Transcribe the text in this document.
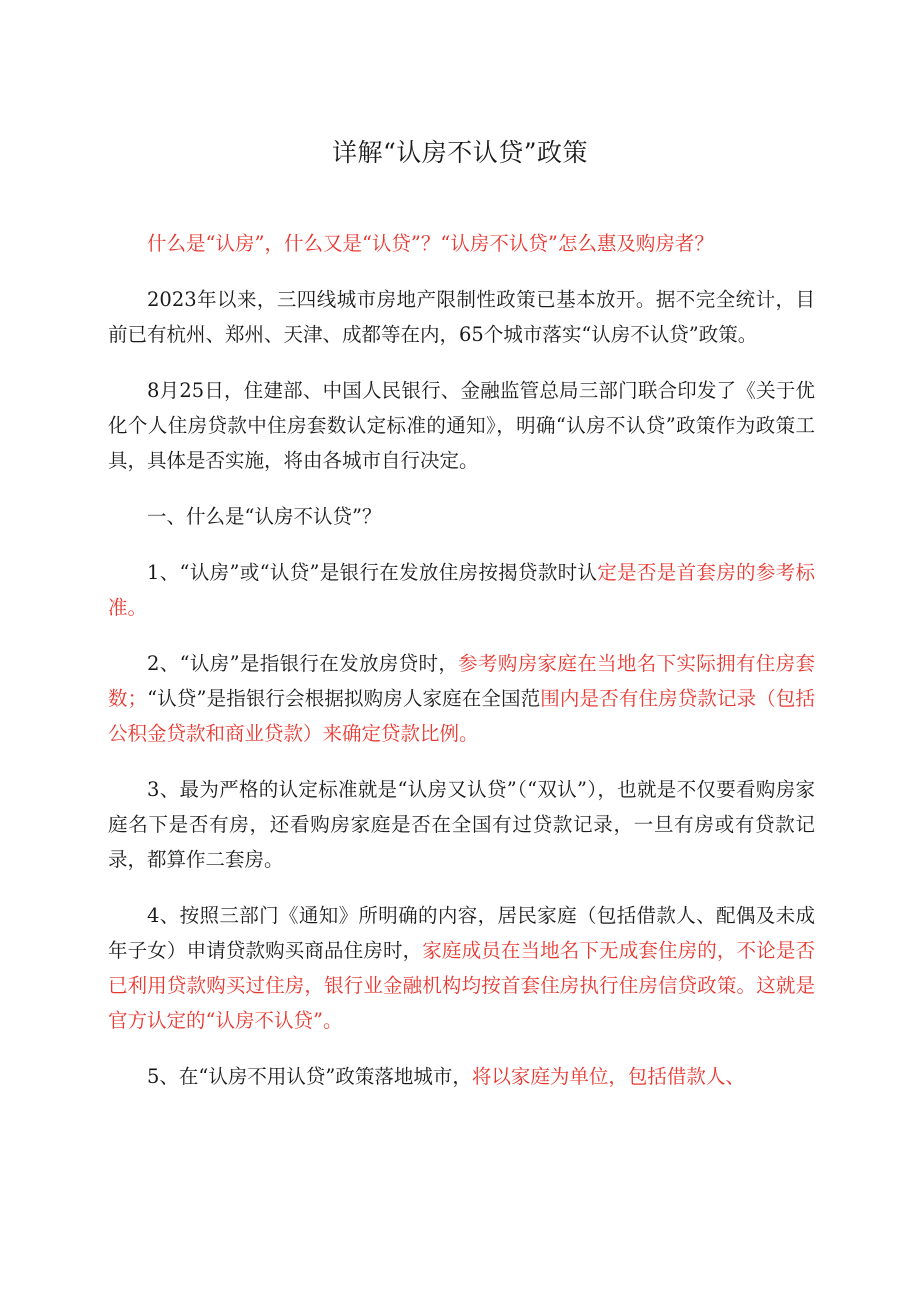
详解“认房不认贷”政策

什么是“认房”，什么又是“认贷”？“认房不认贷”怎么惠及购房者？

2023年以来，三四线城市房地产限制性政策已基本放开。据不完全统计，目前已有杭州、郑州、天津、成都等在内，65个城市落实“认房不认贷”政策。

8月25日，住建部、中国人民银行、金融监管总局三部门联合印发了《关于优化个人住房贷款中住房套数认定标准的通知》，明确“认房不认贷”政策作为政策工具，具体是否实施，将由各城市自行决定。

一、什么是“认房不认贷”？

1、“认房”或“认贷”是银行在发放住房按揭贷款时认定是否是首套房的参考标准。

2、“认房”是指银行在发放房贷时，参考购房家庭在当地名下实际拥有住房套数；“认贷”是指银行会根据拟购房人家庭在全国范围内是否有住房贷款记录（包括公积金贷款和商业贷款）来确定贷款比例。

3、最为严格的认定标准就是“认房又认贷”（“双认”），也就是不仅要看购房家庭名下是否有房，还看购房家庭是否在全国有过贷款记录，一旦有房或有贷款记录，都算作二套房。

4、按照三部门《通知》所明确的内容，居民家庭（包括借款人、配偶及未成年子女）申请贷款购买商品住房时，家庭成员在当地名下无成套住房的，不论是否已利用贷款购买过住房，银行业金融机构均按首套住房执行住房信贷政策。这就是官方认定的“认房不认贷”。

5、在“认房不用认贷”政策落地城市，将以家庭为单位，包括借款人、
